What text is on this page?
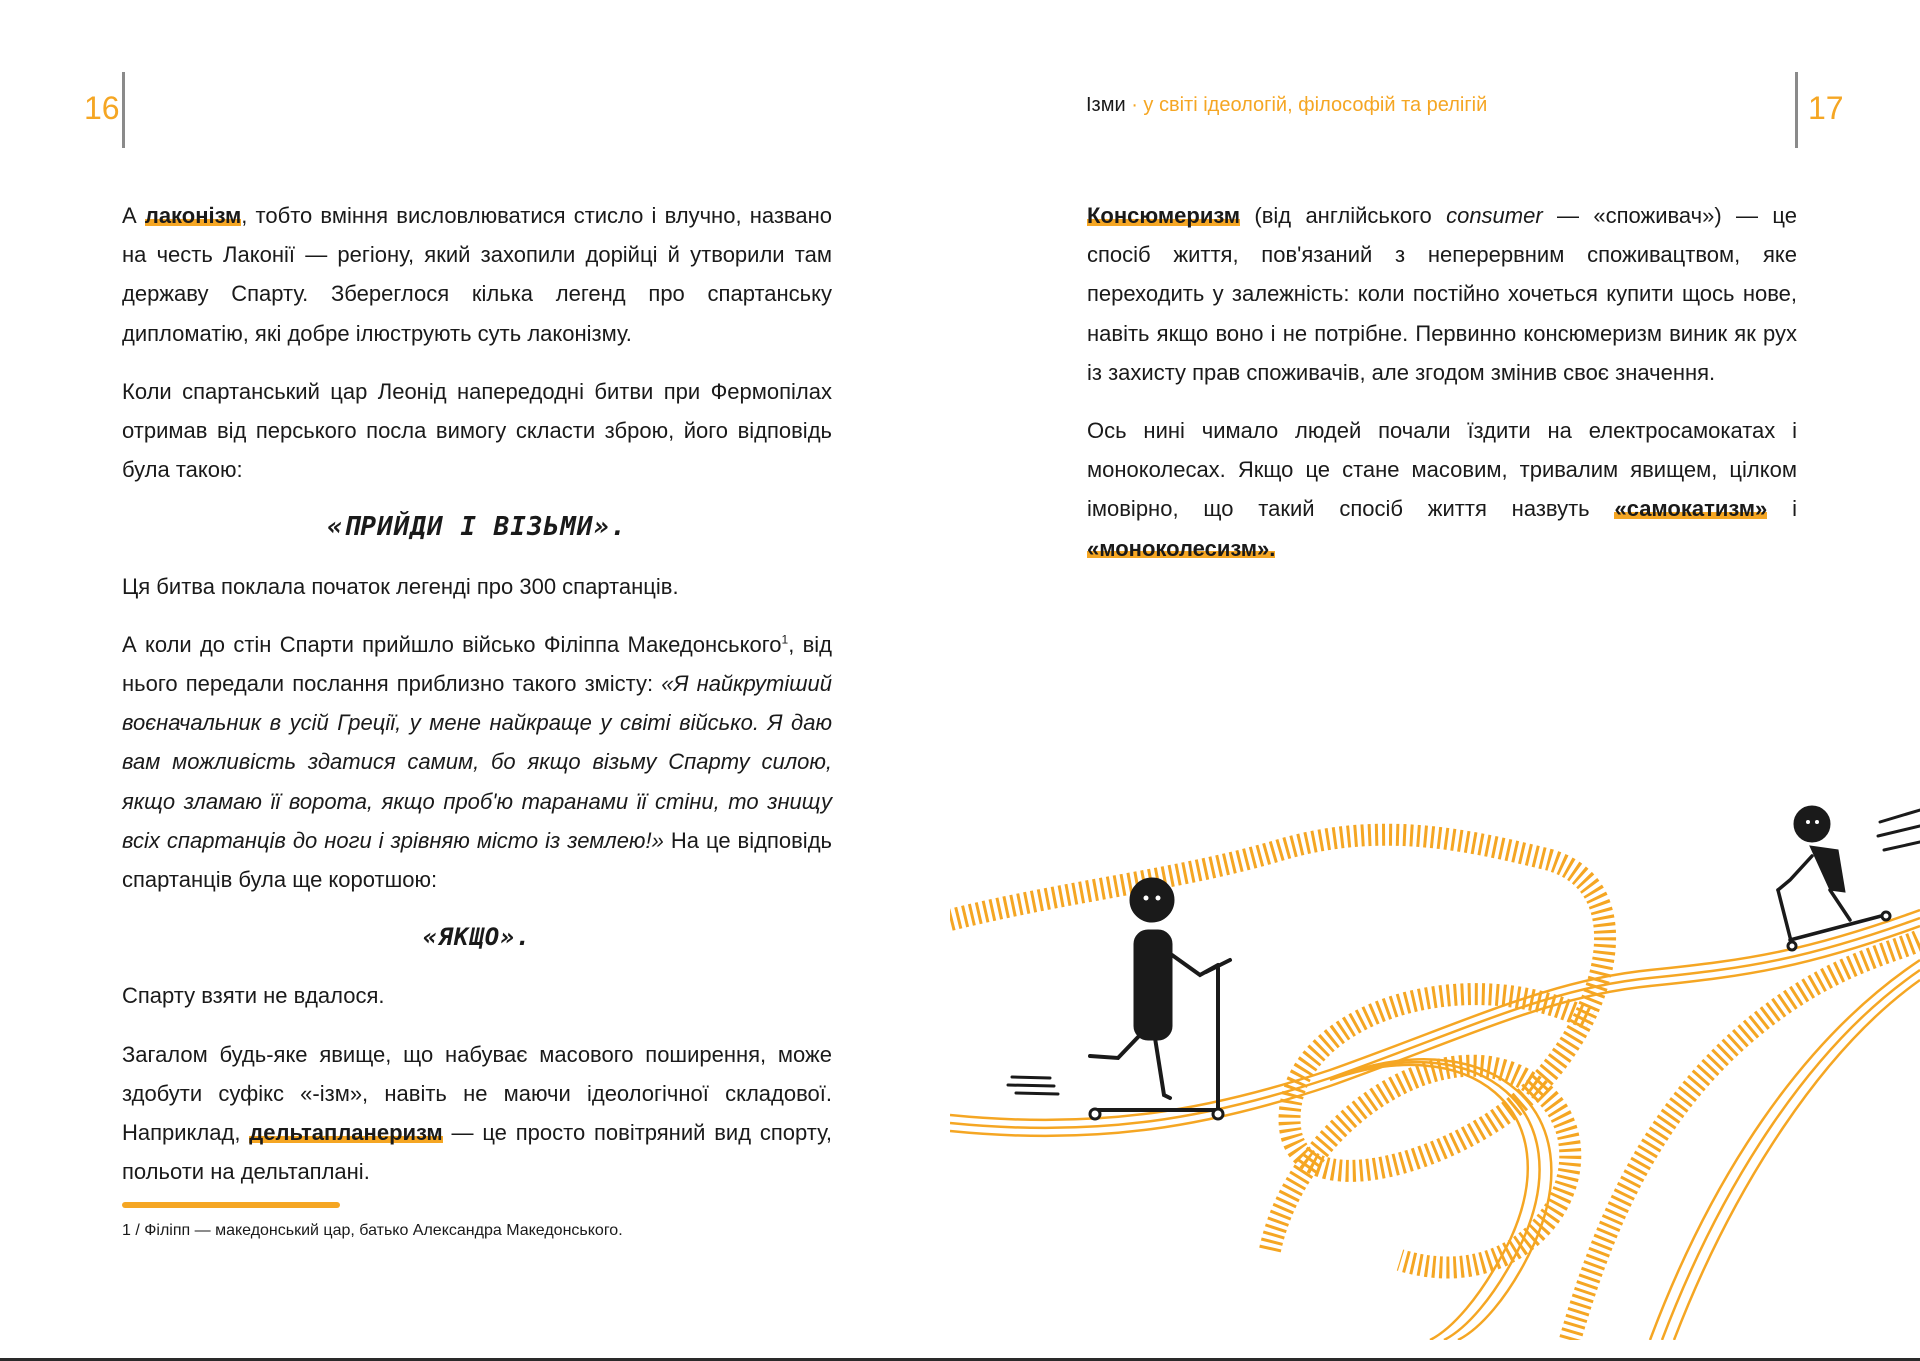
16	Ізми · у світі ідеологій, філософій та релігій	17

А лаконізм, тобто вміння висловлюватися стисло і влучно, названо на честь Лаконії — регіону, який захопили дорійці й утворили там державу Спарту. Збереглося кілька легенд про спартанську дипломатію, які добре ілюструють суть лаконізму.

Коли спартанський цар Леонід напередодні битви при Фермопілах отримав від перського посла вимогу скласти зброю, його відповідь була такою:

«ПРИЙДИ І ВІЗЬМИ».

Ця битва поклала початок легенді про 300 спартанців.

А коли до стін Спарти прийшло військо Філіппа Македонського$^1$, від нього передали послання приблизно такого змісту: «Я найкрутіший воєначальник в усій Греції, у мене найкраще у світі військо. Я даю вам можливість здатися самим, бо якщо візьму Спарту силою, якщо зламаю її ворота, якщо проб'ю таранами її стіни, то знищу всіх спартанців до ноги і зрівняю місто із землею!» На це відповідь спартанців була ще коротшою:

«ЯКЩО».

Спарту взяти не вдалося.

Загалом будь-яке явище, що набуває масового поширення, може здобути суфікс «-ізм», навіть не маючи ідеологічної складової. Наприклад, дельтапланеризм — це просто повітряний вид спорту, польоти на дельтаплані.

1 / Філіпп — македонський цар, батько Александра Македонського.

Консюмеризм (від англійського consumer — «споживач») — це спосіб життя, пов'язаний з неперервним споживацтвом, яке переходить у залежність: коли постійно хочеться купити щось нове, навіть якщо воно і не потрібне. Первинно консюмеризм виник як рух із захисту прав споживачів, але згодом змінив своє значення.

Ось нині чимало людей почали їздити на електросамокатах і моноколесах. Якщо це стане масовим, тривалим явищем, цілком імовірно, що такий спосіб життя назвуть «самокатизм» і «моноколесизм».
